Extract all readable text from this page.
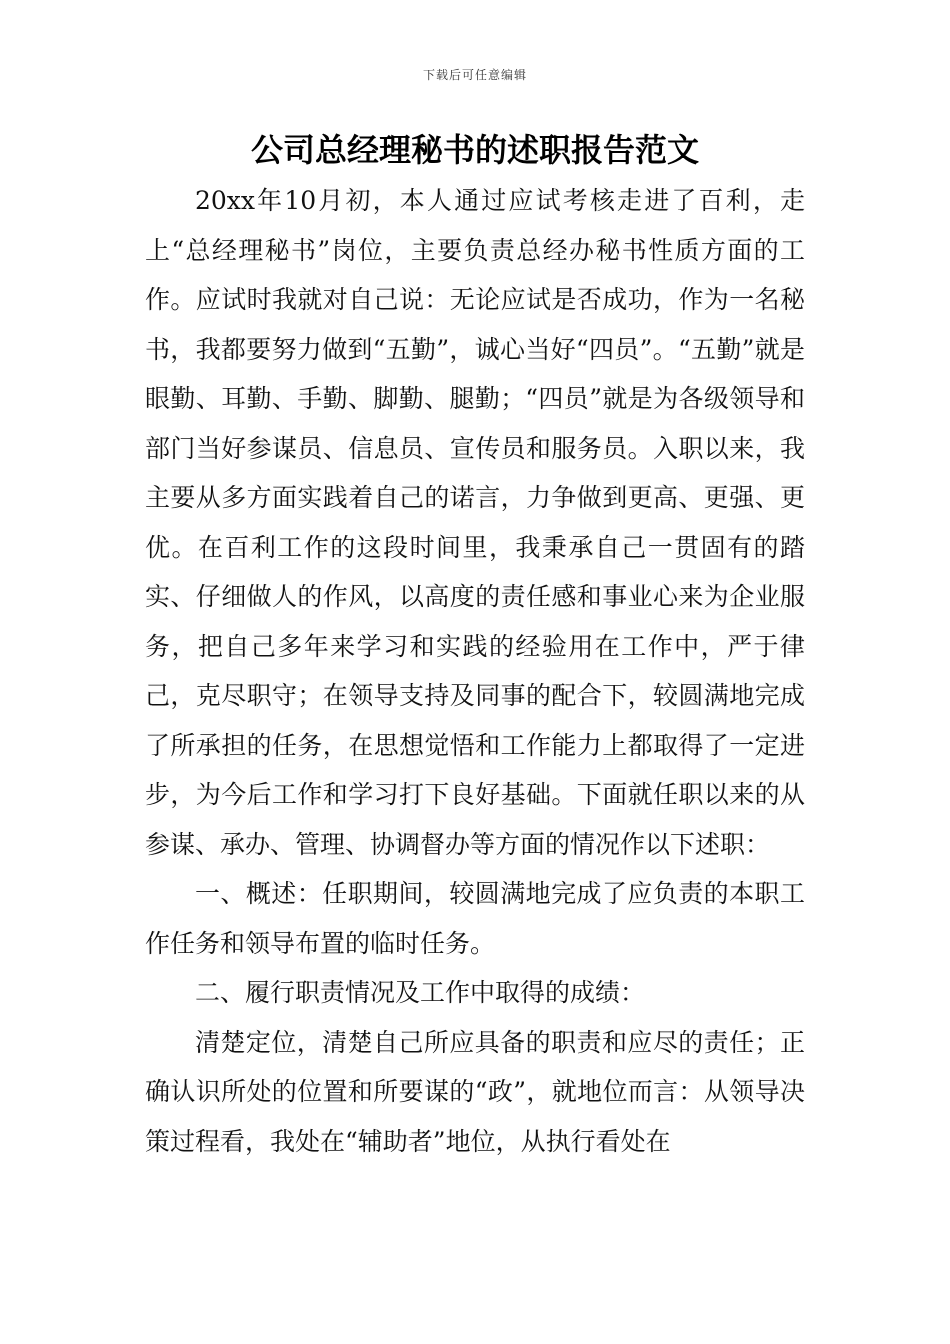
下载后可任意编辑
公司总经理秘书的述职报告范文

20xx年10月初，本人通过应试考核走进了百利，走上“总经理秘书”岗位，主要负责总经办秘书性质方面的工作。应试时我就对自己说：无论应试是否成功，作为一名秘书，我都要努力做到“五勤”，诚心当好“四员”。“五勤”就是眼勤、耳勤、手勤、脚勤、腿勤；“四员”就是为各级领导和部门当好参谋员、信息员、宣传员和服务员。入职以来，我主要从多方面实践着自己的诺言，力争做到更高、更强、更优。在百利工作的这段时间里，我秉承自己一贯固有的踏实、仔细做人的作风，以高度的责任感和事业心来为企业服务，把自己多年来学习和实践的经验用在工作中，严于律己，克尽职守；在领导支持及同事的配合下，较圆满地完成了所承担的任务，在思想觉悟和工作能力上都取得了一定进步，为今后工作和学习打下良好基础。下面就任职以来的从参谋、承办、管理、协调督办等方面的情况作以下述职：

一、概述：任职期间，较圆满地完成了应负责的本职工作任务和领导布置的临时任务。

二、履行职责情况及工作中取得的成绩：

清楚定位，清楚自己所应具备的职责和应尽的责任；正确认识所处的位置和所要谋的“政”，就地位而言：从领导决策过程看，我处在“辅助者”地位，从执行看处在
